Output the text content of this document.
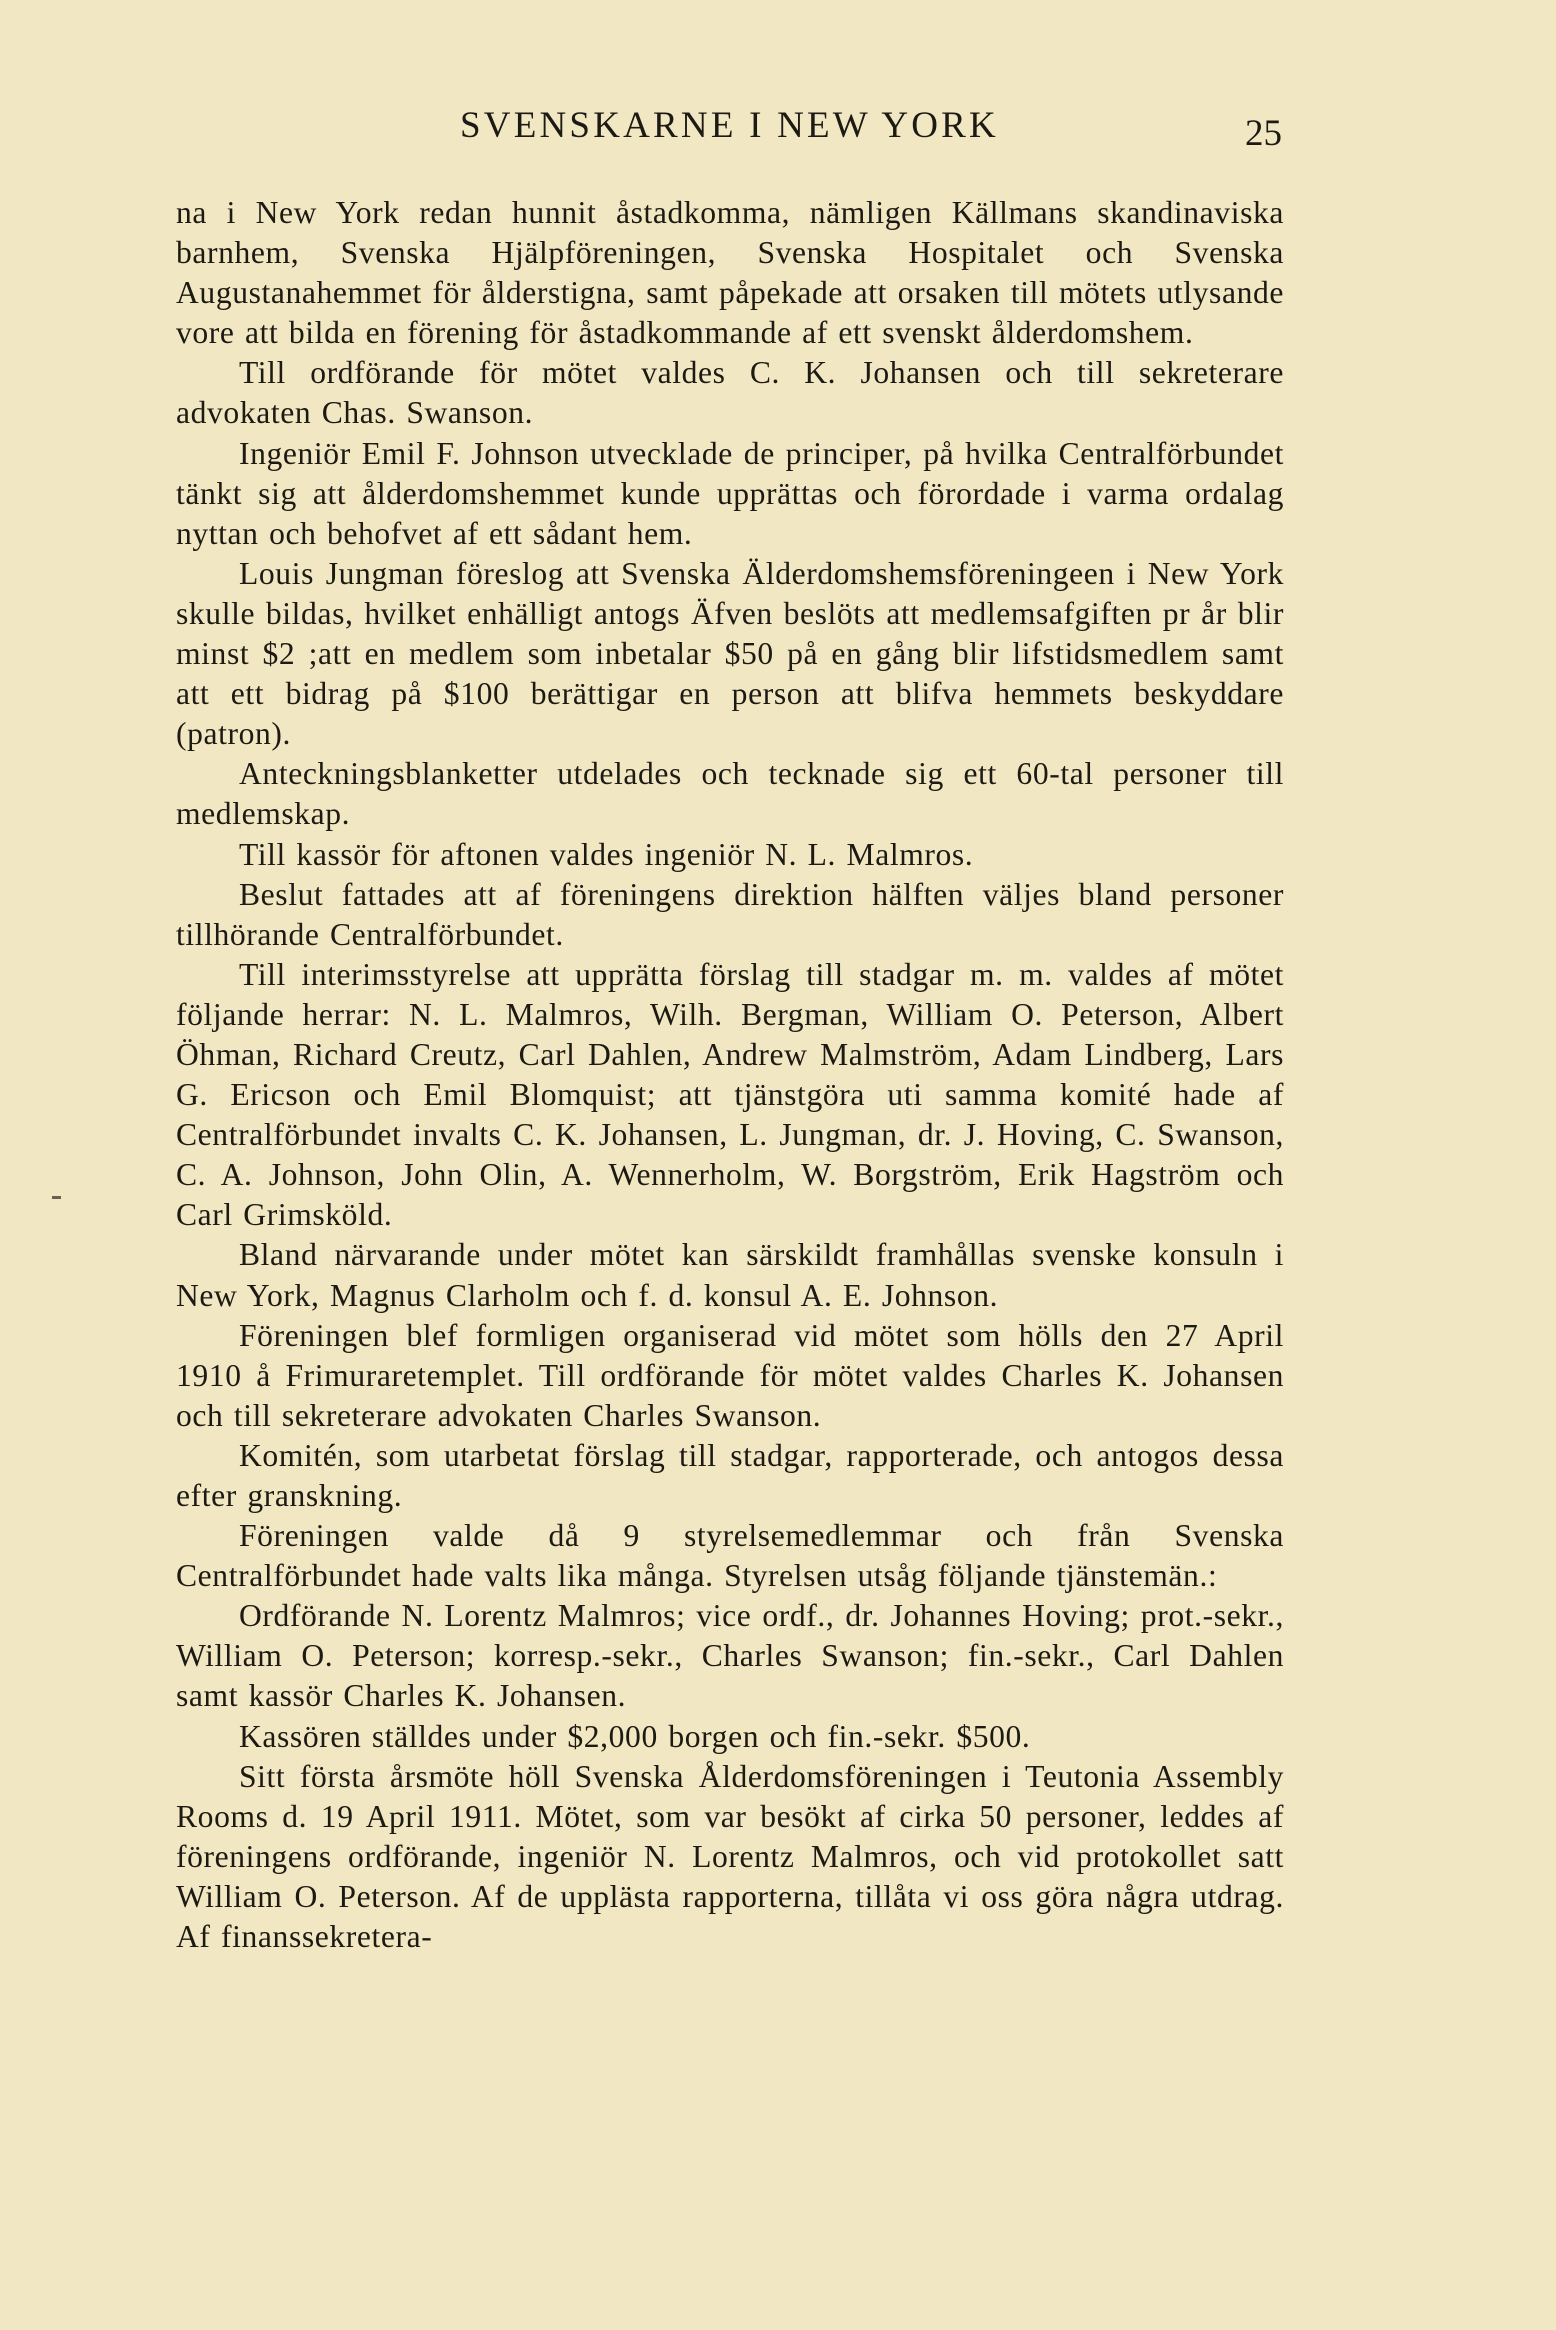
SVENSKARNE I NEW YORK	25

na i New York redan hunnit åstadkomma, nämligen Källmans skandinaviska barnhem, Svenska Hjälpföreningen, Svenska Hospitalet och Svenska Augustanahemmet för ålderstigna, samt påpekade att orsaken till mötets utlysande vore att bilda en förening för åstadkommande af ett svenskt ålderdomshem.

Till ordförande för mötet valdes C. K. Johansen och till sekreterare advokaten Chas. Swanson.

Ingeniör Emil F. Johnson utvecklade de principer, på hvilka Centralförbundet tänkt sig att ålderdomshemmet kunde upprättas och förordade i varma ordalag nyttan och behofvet af ett sådant hem.

Louis Jungman föreslog att Svenska Älderdomshemsföreningeen i New York skulle bildas, hvilket enhälligt antogs Äfven beslöts att medlemsafgiften pr år blir minst $2 ;att en medlem som inbetalar $50 på en gång blir lifstidsmedlem samt att ett bidrag på $100 berättigar en person att blifva hemmets beskyddare (patron).

Anteckningsblanketter utdelades och tecknade sig ett 60-tal personer till medlemskap.

Till kassör för aftonen valdes ingeniör N. L. Malmros.

Beslut fattades att af föreningens direktion hälften väljes bland personer tillhörande Centralförbundet.

Till interimsstyrelse att upprätta förslag till stadgar m. m. valdes af mötet följande herrar: N. L. Malmros, Wilh. Bergman, William O. Peterson, Albert Öhman, Richard Creutz, Carl Dahlen, Andrew Malmström, Adam Lindberg, Lars G. Ericson och Emil Blomquist; att tjänstgöra uti samma komité hade af Centralförbundet invalts C. K. Johansen, L. Jungman, dr. J. Hoving, C. Swanson, C. A. Johnson, John Olin, A. Wennerholm, W. Borgström, Erik Hagström och Carl Grimsköld.

Bland närvarande under mötet kan särskildt framhållas svenske konsuln i New York, Magnus Clarholm och f. d. konsul A. E. Johnson.

Föreningen blef formligen organiserad vid mötet som hölls den 27 April 1910 å Frimuraretemplet. Till ordförande för mötet valdes Charles K. Johansen och till sekreterare advokaten Charles Swanson.

Komitén, som utarbetat förslag till stadgar, rapporterade, och antogos dessa efter granskning.

Föreningen valde då 9 styrelsemedlemmar och från Svenska Centralförbundet hade valts lika många. Styrelsen utsåg följande tjänstemän.:

Ordförande N. Lorentz Malmros; vice ordf., dr. Johannes Hoving; prot.-sekr., William O. Peterson; korresp.-sekr., Charles Swanson; fin.-sekr., Carl Dahlen samt kassör Charles K. Johansen.

Kassören ställdes under $2,000 borgen och fin.-sekr. $500.

Sitt första årsmöte höll Svenska Ålderdomsföreningen i Teutonia Assembly Rooms d. 19 April 1911. Mötet, som var besökt af cirka 50 personer, leddes af föreningens ordförande, ingeniör N. Lorentz Malmros, och vid protokollet satt William O. Peterson. Af de upplästa rapporterna, tillåta vi oss göra några utdrag. Af finanssekretera-
